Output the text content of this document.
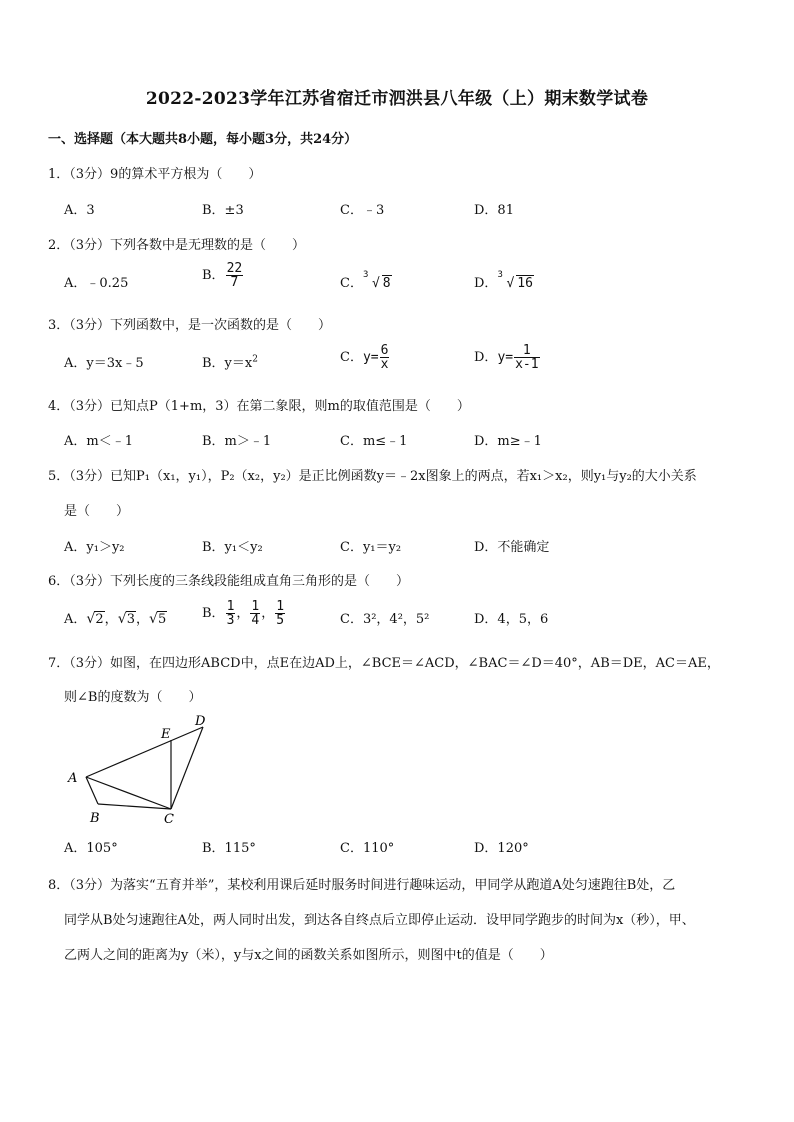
2022-2023学年江苏省宿迁市泗洪县八年级（上）期末数学试卷
一、选择题（本大题共8小题，每小题3分，共24分）
1．（3分）9的算术平方根为（　　）
A．3	B．±3	C．﹣3	D．81
2．（3分）下列各数中是无理数的是（　　）
A．﹣0.25
B． $\frac{22}{7}$	C．
3
√ 8	D．
3
√ 16
3．（3分）下列函数中，是一次函数的是（　　）
A．y＝3x﹣5	B．$y=x^2$	C．$y= \frac{6}{x}$	D．$y= \frac{1}{x-1}$
4．（3分）已知点P（1+m，3）在第二象限，则m的取值范围是（　　）
A．m＜﹣1	B．m＞﹣1	C．m≤﹣1	D．m≥﹣1
5．（3分）已知P₁（x₁，y₁），P₂（x₂，y₂）是正比例函数y＝﹣2x图象上的两点，若x₁＞x₂，则y₁与y₂的大小关系
是（　　）
A．y₁＞y₂	B．y₁＜y₂	C．y₁＝y₂	D．不能确定
6．（3分）下列长度的三条线段能组成直角三角形的是（　　）
A． √ 2， √ 3， √ 5	B． $\frac{1}{3}$ ， $\frac{1}{4}$ ， $\frac{1}{5}$	C．3²，4²，5²	D．4，5，6
7．（3分）如图，在四边形ABCD中，点E在边AD上，∠BCE＝∠ACD，∠BAC＝∠D＝40°，AB＝DE，AC＝AE，
则∠B的度数为（　　）
A
B	C
D
E
A．105°	B．115°	C．110°	D．120°
8．（3分）为落实“五育并举”，某校利用课后延时服务时间进行趣味运动，甲同学从跑道A处匀速跑往B处，乙
同学从B处匀速跑往A处，两人同时出发，到达各自终点后立即停止运动．设甲同学跑步的时间为x（秒），甲、
乙两人之间的距离为y（米），y与x之间的函数关系如图所示，则图中t的值是（　　）
